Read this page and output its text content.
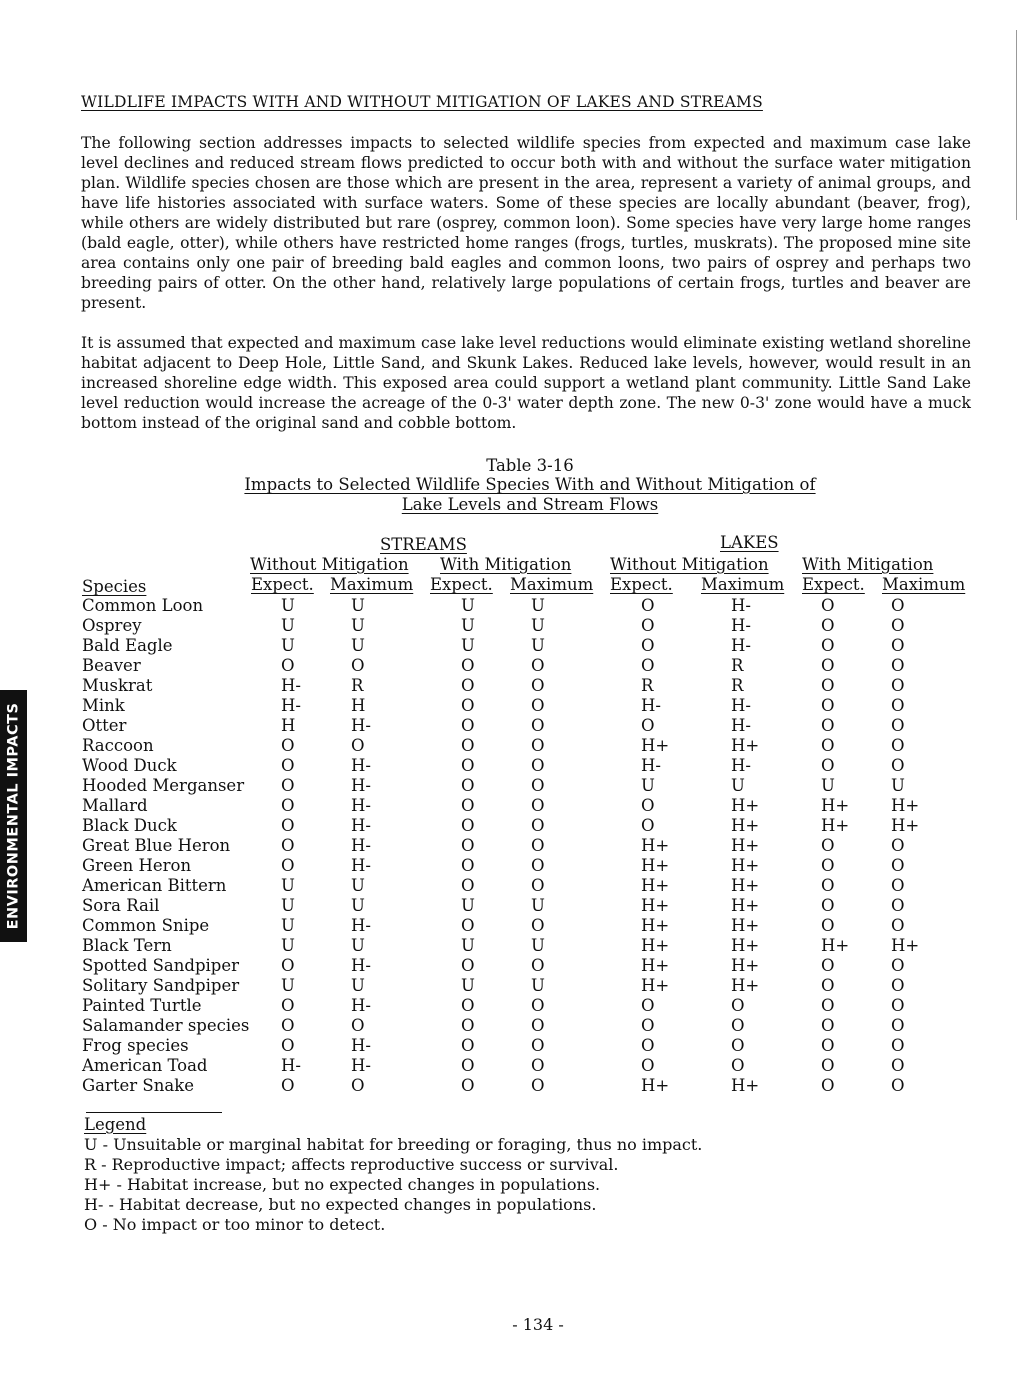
ENVIRONMENTAL IMPACTS
WILDLIFE IMPACTS WITH AND WITHOUT MITIGATION OF LAKES AND STREAMS

The following section addresses impacts to selected wildlife species from expected and maximum case lake level declines and reduced stream flows predicted to occur both with and without the surface water mitigation plan. Wildlife species chosen are those which are present in the area, represent a variety of animal groups, and have life histories associated with surface waters. Some of these species are locally abundant (beaver, frog), while others are widely distributed but rare (osprey, common loon). Some species have very large home ranges (bald eagle, otter), while others have restricted home ranges (frogs, turtles, muskrats). The proposed mine site area contains only one pair of breeding bald eagles and common loons, two pairs of osprey and perhaps two breeding pairs of otter. On the other hand, relatively large populations of certain frogs, turtles and beaver are present.

It is assumed that expected and maximum case lake level reductions would eliminate existing wetland shoreline habitat adjacent to Deep Hole, Little Sand, and Skunk Lakes. Reduced lake levels, however, would result in an increased shoreline edge width. This exposed area could support a wetland plant community. Little Sand Lake level reduction would increase the acreage of the 0-3' water depth zone. The new 0-3' zone would have a muck bottom instead of the original sand and cobble bottom.

Table 3-16
Impacts to Selected Wildlife Species With and Without Mitigation of
Lake Levels and Stream Flows
STREAMS	LAKES
Without Mitigation With Mitigation Without Mitigation With Mitigation
Species	Expect. Maximum Expect. Maximum Expect. Maximum Expect. Maximum
Common Loon	U	U	U	U	O	H-	O	O
Osprey	U	U	U	U	O	H-	O	O
Bald Eagle	U	U	U	U	O	H-	O	O
Beaver	O	O	O	O	O	R	O	O
Muskrat	H-	R	O	O	R	R	O	O
Mink	H-	H	O	O	H-	H-	O	O
Otter	H	H-	O	O	O	H-	O	O
Raccoon	O	O	O	O	H+	H+	O	O
Wood Duck	O	H-	O	O	H-	H-	O	O
Hooded Merganser O	H-	O	O	U	U	U	U
Mallard	O	H-	O	O	O	H+	H+	H+
Black Duck	O	H-	O	O	O	H+	H+	H+
Great Blue Heron	O	H-	O	O	H+	H+	O	O
Green Heron	O	H-	O	O	H+	H+	O	O
American Bittern	U	U	O	O	H+	H+	O	O
Sora Rail	U	U	U	U	H+	H+	O	O
Common Snipe	U	H-	O	O	H+	H+	O	O
Black Tern	U	U	U	U	H+	H+	H+	H+
Spotted Sandpiper	O	H-	O	O	H+	H+	O	O
Solitary Sandpiper	U	U	U	U	H+	H+	O	O
Painted Turtle	O	H-	O	O	O	O	O	O
Salamander species O	O	O	O	O	O	O	O
Frog species	O	H-	O	O	O	O	O	O
American Toad	H-	H-	O	O	O	O	O	O
Garter Snake	O	O	O	O	H+	H+	O	O
Legend
U - Unsuitable or marginal habitat for breeding or foraging, thus no impact.
R - Reproductive impact; affects reproductive success or survival.
H+ - Habitat increase, but no expected changes in populations.
H- - Habitat decrease, but no expected changes in populations.
O - No impact or too minor to detect.
- 134 -
